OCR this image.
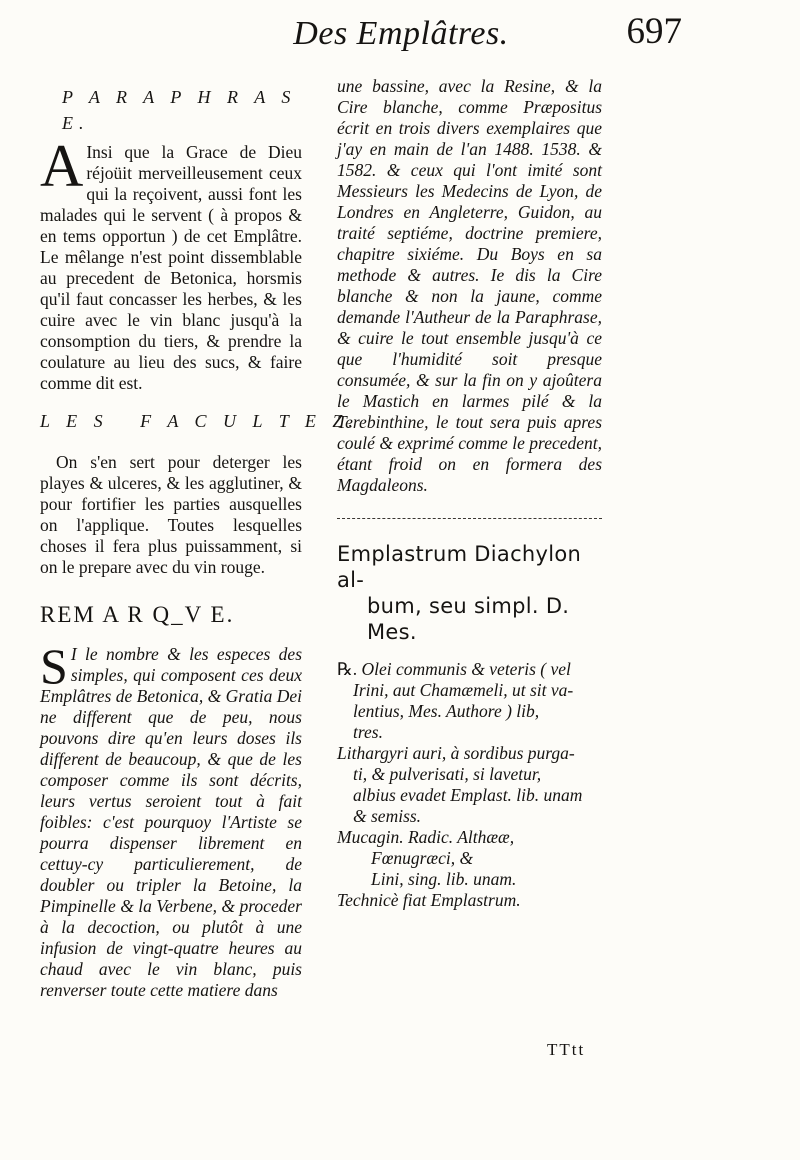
Des Emplâtres.	697

P A R A P H R A S E.

A Insi que la Grace de Dieu réjoüit merveilleusement ceux qui la reçoivent, aussi font les malades qui le servent ( à propos & en tems opportun ) de cet Emplâtre. Le mêlange n'est point dissemblable au precedent de Betonica, horsmis qu'il faut concasser les herbes, & les cuire avec le vin blanc jusqu'à la consomption du tiers, & prendre la coulature au lieu des sucs, & faire comme dit est.

L E S   F A C U L T E Z.

On s'en sert pour deterger les playes & ulceres, & les agglutiner, & pour fortifier les parties ausquelles on l'applique. Toutes lesquelles choses il fera plus puissamment, si on le prepare avec du vin rouge.

REM A R Q_V E.

S I le nombre & les especes des simples, qui composent ces deux Emplâtres de Betonica, & Gratia Dei ne different que de peu, nous pouvons dire qu'en leurs doses ils different de beaucoup, & que de les composer comme ils sont décrits, leurs vertus seroient tout à fait foibles: c'est pourquoy l'Artiste se pourra dispenser librement en cettuy-cy particulierement, de doubler ou tripler la Betoine, la Pimpinelle & la Verbene, & proceder à la decoction, ou plutôt à une infusion de vingt-quatre heures au chaud avec le vin blanc, puis renverser toute cette matiere dans

une bassine, avec la Resine, & la Cire blanche, comme Præpositus écrit en trois divers exemplaires que j'ay en main de l'an 1488. 1538. & 1582. & ceux qui l'ont imité sont Messieurs les Medecins de Lyon, de Londres en Angleterre, Guidon, au traité septiéme, doctrine premiere, chapitre sixiéme. Du Boys en sa methode & autres. Ie dis la Cire blanche & non la jaune, comme demande l'Autheur de la Paraphrase, & cuire le tout ensemble jusqu'à ce que l'humidité soit presque consumée, & sur la fin on y ajoûtera le Mastich en larmes pilé & la Terebinthine, le tout sera puis apres coulé & exprimé comme le precedent, étant froid on en formera des Magdaleons.

Emplastrum Diachylon al-

bum, seu simpl. D. Mes.

℞. Olei communis & veteris ( vel
Irini, aut Chamæmeli, ut sit va-
lentius, Mes. Authore ) lib,
tres.
Lithargyri auri, à sordibus purga-
ti, & pulverisati, si lavetur,
albius evadet Emplast. lib. unam
& semiss.
Mucagin. Radic. Althææ,
Fœnugræci, &
Lini, sing. lib. unam.
Technicè fiat Emplastrum.
TTtt
